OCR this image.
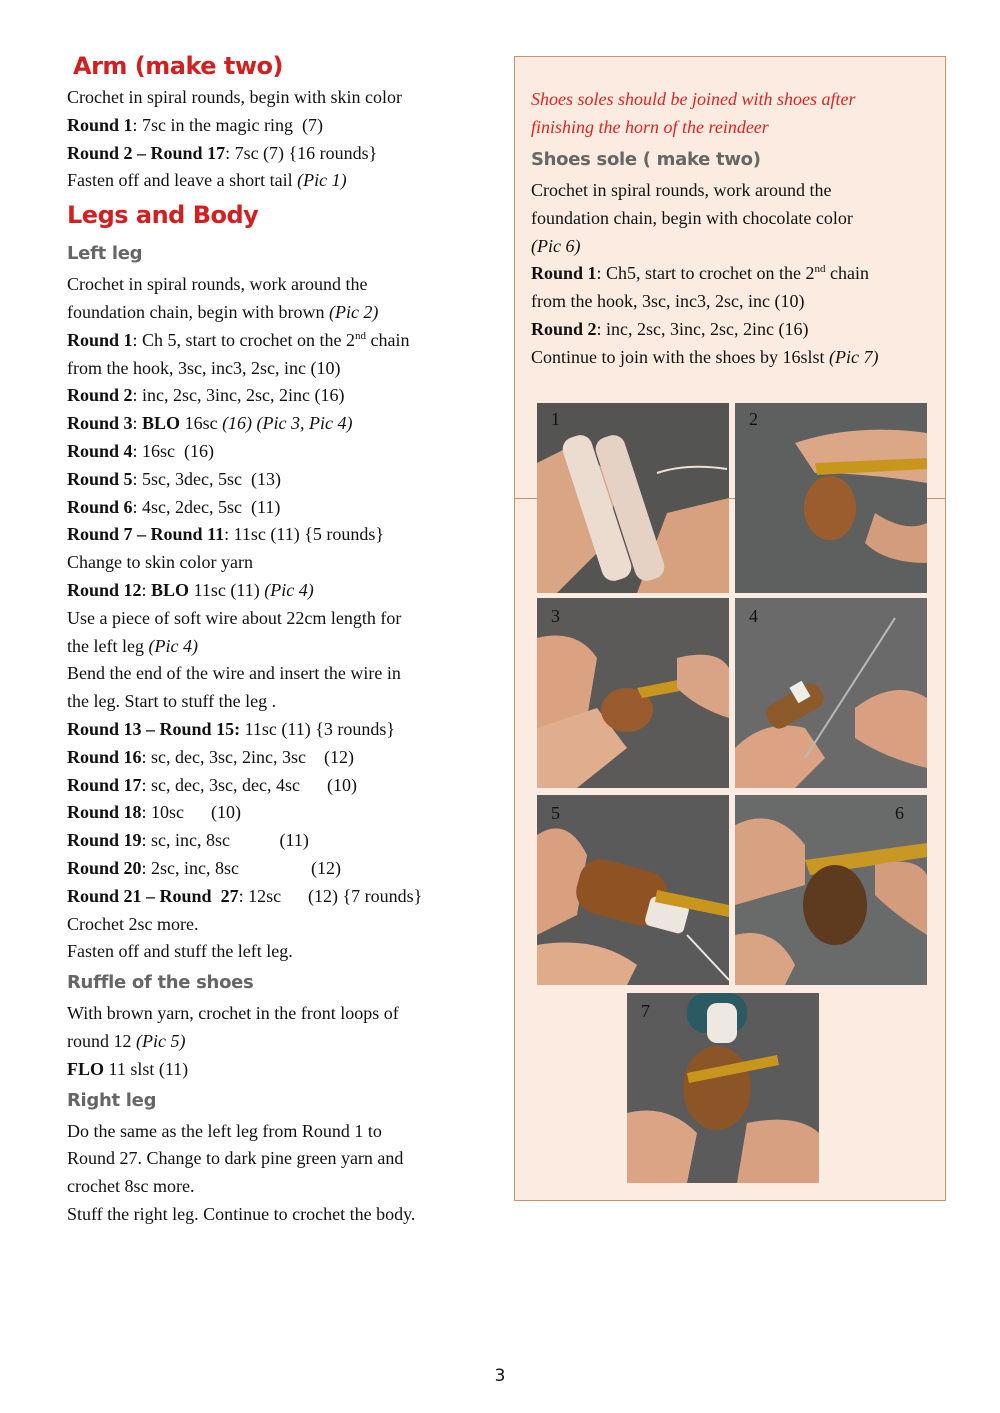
Arm (make two)
Crochet in spiral rounds, begin with skin color
Round 1: 7sc in the magic ring  (7)
Round 2 – Round 17: 7sc (7) {16 rounds}
Fasten off and leave a short tail (Pic 1)
Legs and Body
Left leg
Crochet in spiral rounds, work around the
foundation chain, begin with brown (Pic 2)
Round 1: Ch 5, start to crochet on the 2nd chain
from the hook, 3sc, inc3, 2sc, inc (10)
Round 2: inc, 2sc, 3inc, 2sc, 2inc (16)
Round 3: BLO 16sc (16) (Pic 3, Pic 4)
Round 4: 16sc  (16)
Round 5: 5sc, 3dec, 5sc  (13)
Round 6: 4sc, 2dec, 5sc  (11)
Round 7 – Round 11: 11sc (11) {5 rounds}
Change to skin color yarn
Round 12: BLO 11sc (11) (Pic 4)
Use a piece of soft wire about 22cm length for
the left leg (Pic 4)
Bend the end of the wire and insert the wire in
the leg. Start to stuff the leg .
Round 13 – Round 15: 11sc (11) {3 rounds}
Round 16: sc, dec, 3sc, 2inc, 3sc    (12)
Round 17: sc, dec, 3sc, dec, 4sc      (10)
Round 18: 10sc      (10)
Round 19: sc, inc, 8sc           (11)
Round 20: 2sc, inc, 8sc                (12)
Round 21 – Round  27: 12sc      (12) {7 rounds}
Crochet 2sc more.
Fasten off and stuff the left leg.
Ruffle of the shoes
With brown yarn, crochet in the front loops of
round 12 (Pic 5)
FLO 11 slst (11)
Right leg
Do the same as the left leg from Round 1 to
Round 27. Change to dark pine green yarn and
crochet 8sc more.
Stuff the right leg. Continue to crochet the body.
Shoes soles should be joined with shoes after
finishing the horn of the reindeer
Shoes sole ( make two)
Crochet in spiral rounds, work around the
foundation chain, begin with chocolate color
(Pic 6)
Round 1: Ch5, start to crochet on the 2nd chain
from the hook, 3sc, inc3, 2sc, inc (10)
Round 2: inc, 2sc, 3inc, 2sc, 2inc (16)
Continue to join with the shoes by 16slst (Pic 7)
1	2
3	4
5	6
7
3
